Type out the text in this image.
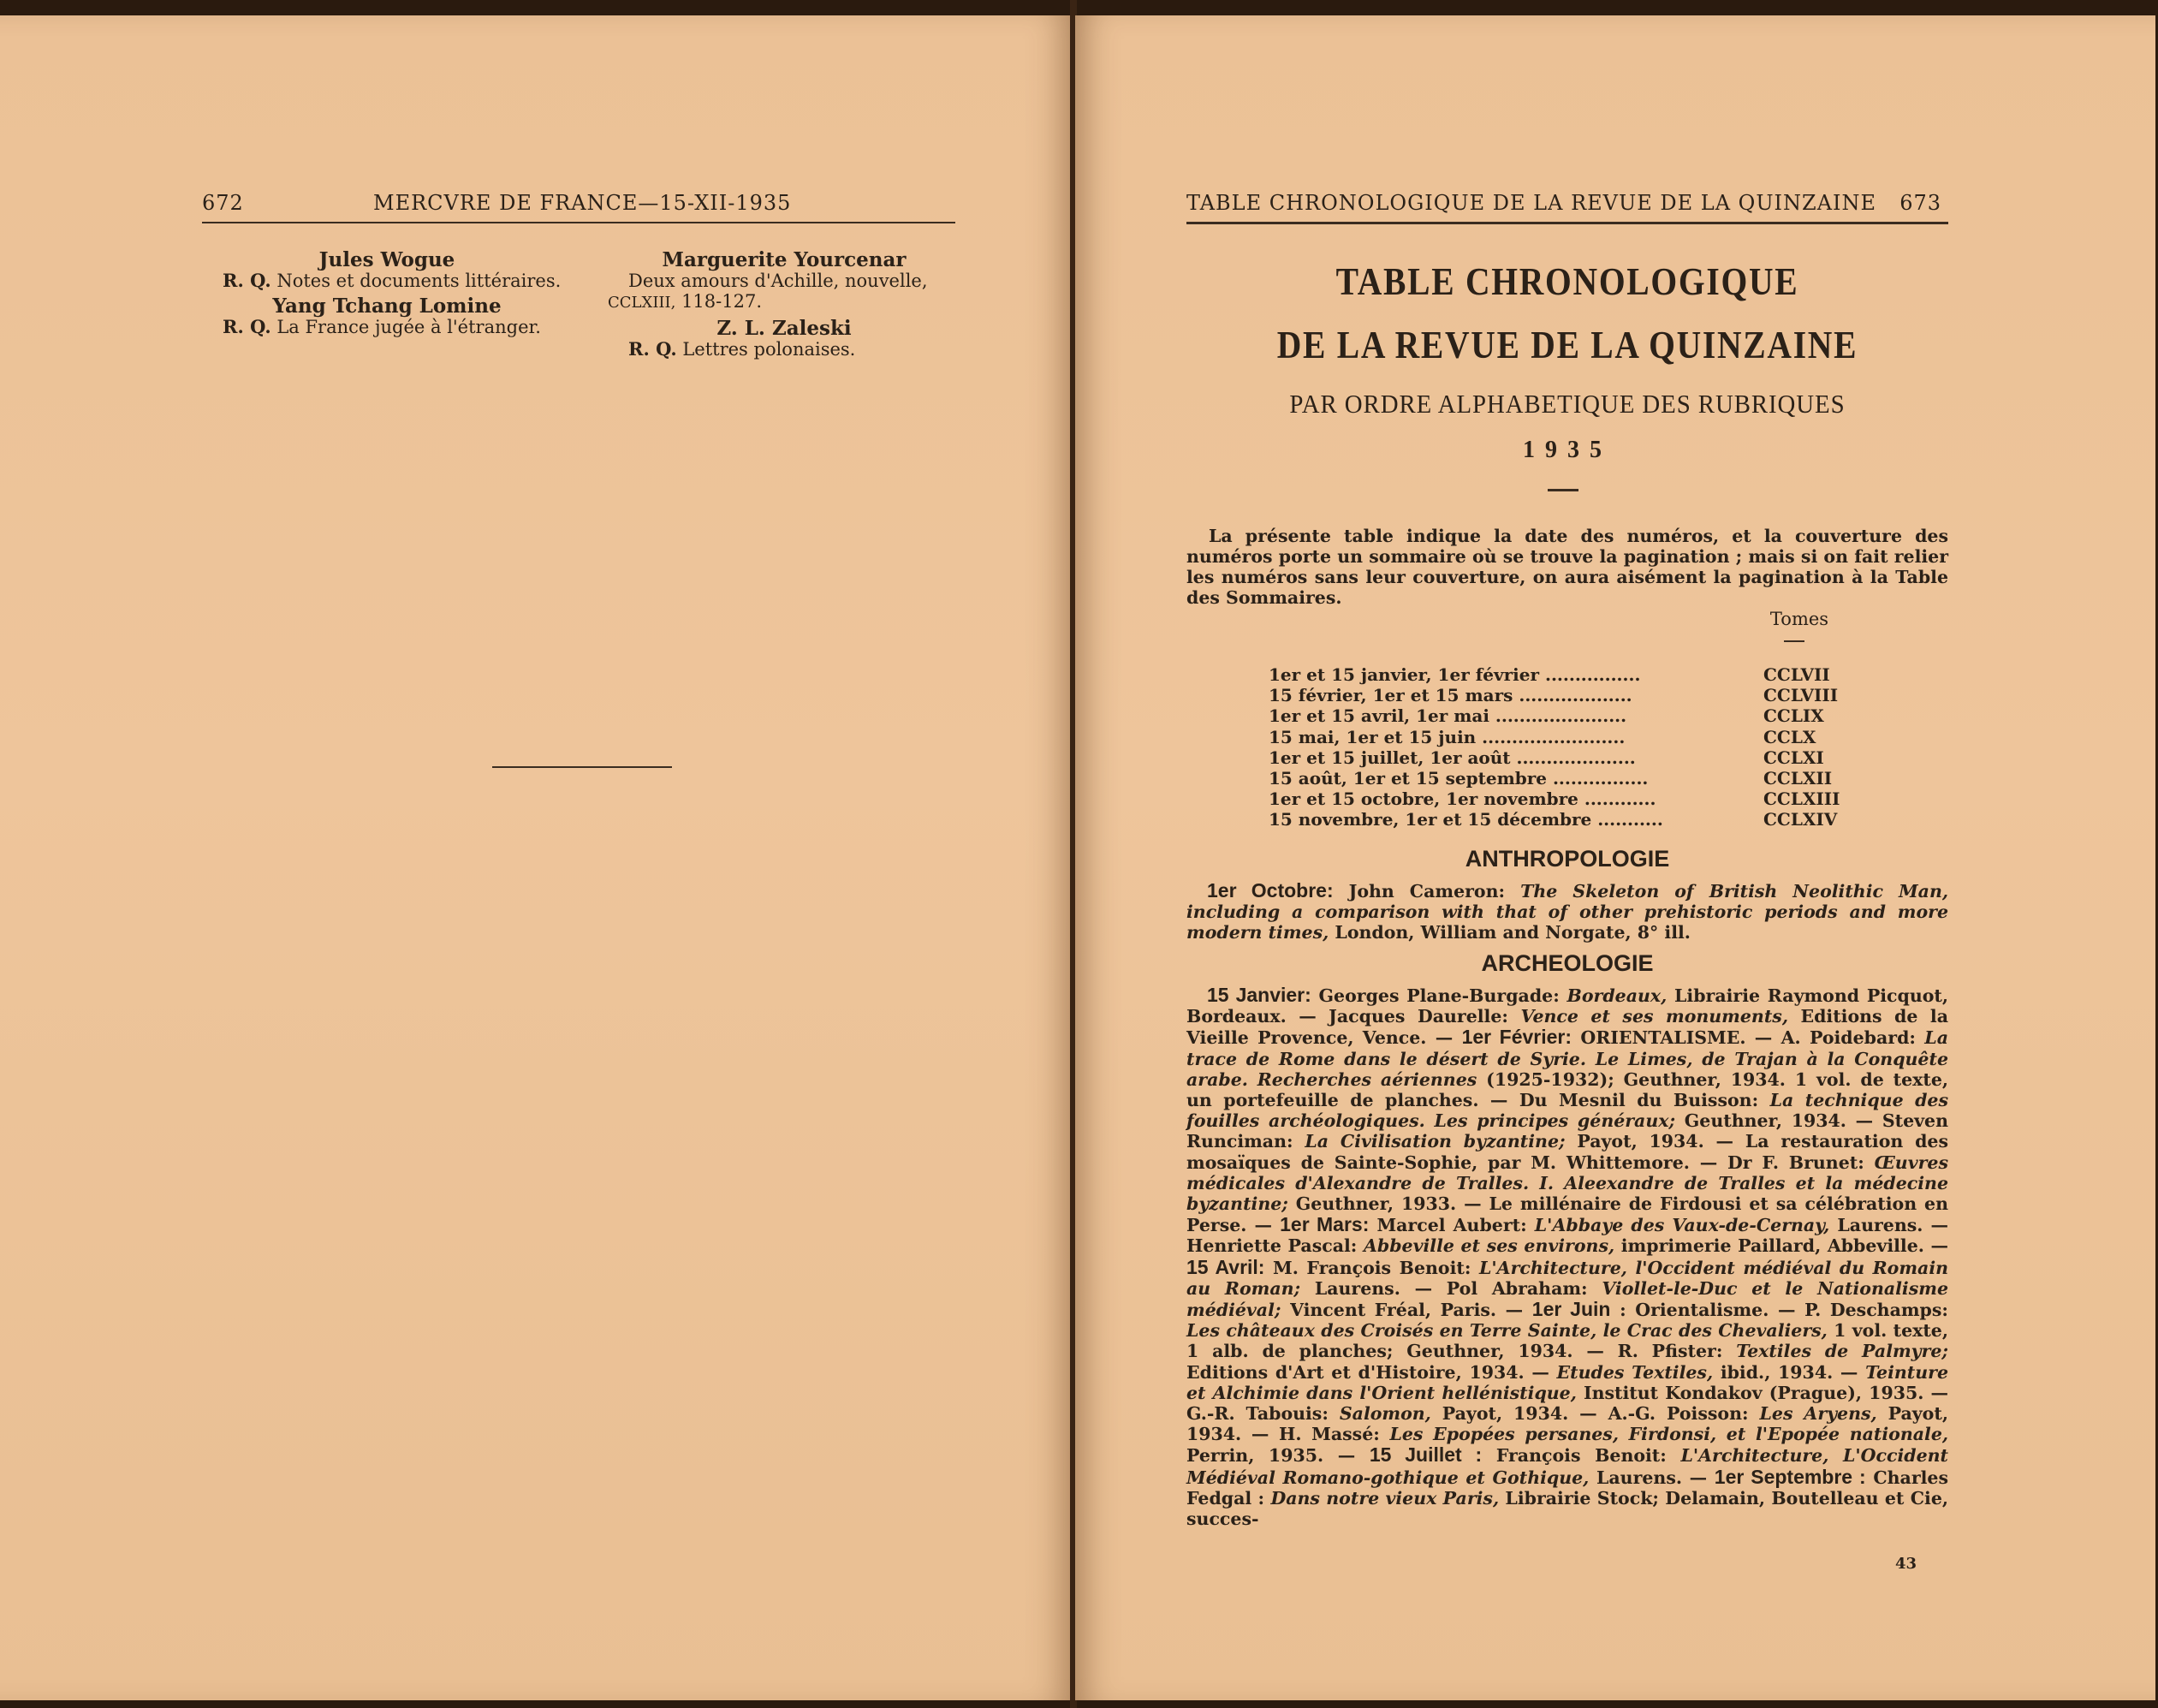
672	MERCVRE DE FRANCE—15-XII-1935
Jules Wogue
R. Q. Notes et documents littéraires.
Yang Tchang Lomine
R. Q. La France jugée à l'étranger.
Marguerite Yourcenar
Deux amours d'Achille, nouvelle, CCLXIII, 118-127.
Z. L. Zaleski
R. Q. Lettres polonaises.
TABLE CHRONOLOGIQUE DE LA REVUE DE LA QUINZAINE 673
TABLE CHRONOLOGIQUE
DE LA REVUE DE LA QUINZAINE
PAR ORDRE ALPHABETIQUE DES RUBRIQUES
1935
La présente table indique la date des numéros, et la couverture des numéros porte un sommaire où se trouve la pagination ; mais si on fait relier les numéros sans leur couverture, on aura aisément la pagination à la Table des Sommaires.
Tomes
1er et 15 janvier, 1er février ................	CCLVII
15 février, 1er et 15 mars ...................	CCLVIII
1er et 15 avril, 1er mai ......................	CCLIX
15 mai, 1er et 15 juin ........................	CCLX
1er et 15 juillet, 1er août ....................	CCLXI
15 août, 1er et 15 septembre ................	CCLXII
1er et 15 octobre, 1er novembre ............	CCLXIII
15 novembre, 1er et 15 décembre ...........	CCLXIV
ANTHROPOLOGIE
1er Octobre: John Cameron: The Skeleton of British Neolithic Man, including a comparison with that of other prehistoric periods and more modern times, London, William and Norgate, 8° ill.
ARCHEOLOGIE
15 Janvier: Georges Plane-Burgade: Bordeaux, Librairie Raymond Picquot, Bordeaux. — Jacques Daurelle: Vence et ses monuments, Editions de la Vieille Provence, Vence. — 1er Février: ORIENTALISME. — A. Poidebard: La trace de Rome dans le désert de Syrie. Le Limes, de Trajan à la Conquête arabe. Recherches aériennes (1925-1932); Geuthner, 1934. 1 vol. de texte, un portefeuille de planches. — Du Mesnil du Buisson: La technique des fouilles archéologiques. Les principes généraux; Geuthner, 1934. — Steven Runciman: La Civilisation byzantine; Payot, 1934. — La restauration des mosaïques de Sainte-Sophie, par M. Whittemore. — Dr F. Brunet: Œuvres médicales d'Alexandre de Tralles. I. Aleexandre de Tralles et la médecine byzantine; Geuthner, 1933. — Le millénaire de Firdousi et sa célébration en Perse. — 1er Mars: Marcel Aubert: L'Abbaye des Vaux-de-Cernay, Laurens. — Henriette Pascal: Abbeville et ses environs, imprimerie Paillard, Abbeville. — 15 Avril: M. François Benoit: L'Architecture, l'Occident médiéval du Romain au Roman; Laurens. — Pol Abraham: Viollet-le-Duc et le Nationalisme médiéval; Vincent Fréal, Paris. — 1er Juin : Orientalisme. — P. Deschamps: Les châteaux des Croisés en Terre Sainte, le Crac des Chevaliers, 1 vol. texte, 1 alb. de planches; Geuthner, 1934. — R. Pfister: Textiles de Palmyre; Editions d'Art et d'Histoire, 1934. — Etudes Textiles, ibid., 1934. — Teinture et Alchimie dans l'Orient hellénistique, Institut Kondakov (Prague), 1935. — G.-R. Tabouis: Salomon, Payot, 1934. — A.-G. Poisson: Les Aryens, Payot, 1934. — H. Massé: Les Epopées persanes, Firdonsi, et l'Epopée nationale, Perrin, 1935. — 15 Juillet : François Benoit: L'Architecture, L'Occident Médiéval Romano-gothique et Gothique, Laurens. — 1er Septembre : Charles Fedgal : Dans notre vieux Paris, Librairie Stock; Delamain, Boutelleau et Cie, succes-
43
